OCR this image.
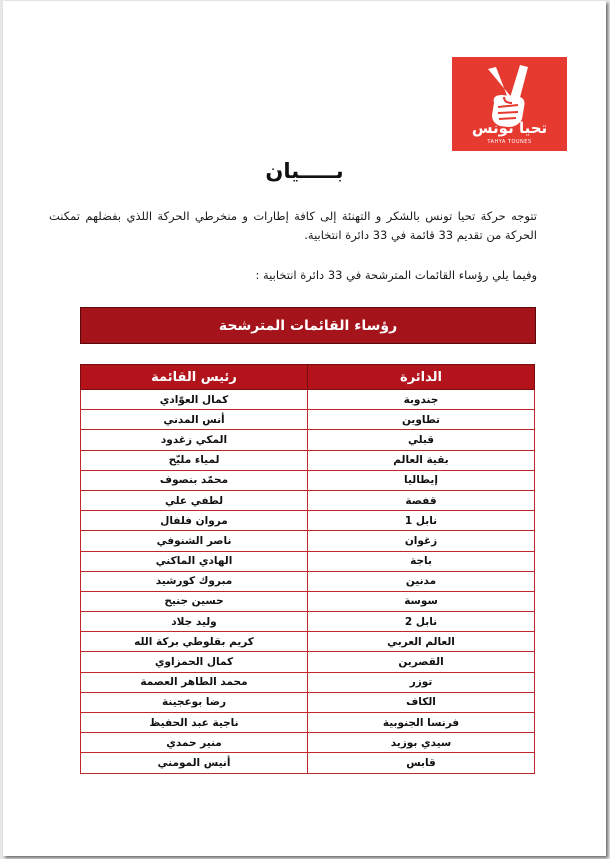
تحيا تونس
TAHYA TOUNES
بـــــيان

تتوجه حركة تحيا تونس بالشكر و التهنئة إلى كافة إطارات و منخرطي الحركة اللذي بفضلهم تمكنت الحركة من تقديم 33 قائمة في 33 دائرة انتخابية.

وفيما يلي رؤساء القائمات المترشحة في 33 دائرة انتخابية :

رؤساء القائمات المترشحة
الدائرة	رئيس القائمة
جندوبة	كمال العوّادي
تطاوين	أنس المدني
قبلي	المكي زغدود
بقية العالم	لمياء مليّح
إيطاليا	محمّد بنصوف
قفصة	لطفي علي
نابل 1	مروان فلفال
زغوان	ناصر الشنوفي
باجة	الهادي الماكني
مدنين	مبروك كورشيد
سوسة	حسين جنيح
نابل 2	وليد جلاد
العالم العربي	كريم بقلوطي بركة الله
القصرين	كمال الحمزاوي
توزر	محمد الطاهر العصمة
الكاف	رضا بوعجينة
فرنسا الجنوبية	ناجية عبد الحفيظ
سيدي بوزيد	منير حمدي
قابس	أنيس المومني
